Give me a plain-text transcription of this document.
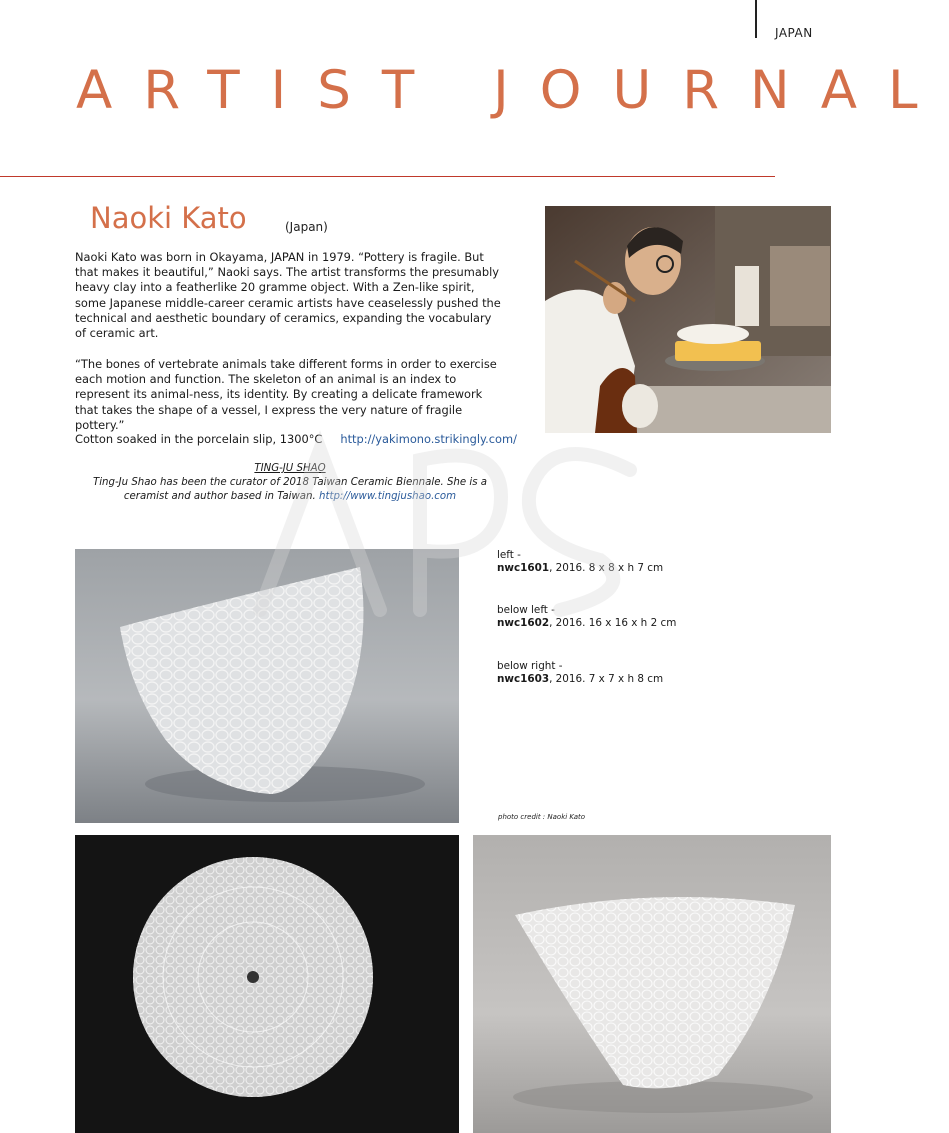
JAPAN
ARTIST JOURNAL
Naoki Kato	(Japan)
Naoki Kato was born in Okayama, JAPAN in 1979. “Pottery is fragile. But that makes it beautiful,” Naoki says. The artist transforms the presumably heavy clay into a featherlike 20 gramme object. With a Zen-like spirit, some Japanese middle-career ceramic artists have ceaselessly pushed the technical and aesthetic boundary of ceramics, expanding the vocabulary of ceramic art.
“The bones of vertebrate animals take different forms in order to exercise each motion and function. The skeleton of an animal is an index to represent its animal-ness, its identity. By creating a delicate framework that takes the shape of a vessel, I express the very nature of fragile pottery.”
Cotton soaked in the porcelain slip, 1300°C http://yakimono.strikingly.com/
TING-JU SHAO
Ting-Ju Shao has been the curator of 2018 Taiwan Ceramic Biennale. She is a ceramist and author based in Taiwan. http://www.tingjushao.com
left -
nwc1601, 2016. 8 x 8 x h 7 cm
below left -
nwc1602, 2016. 16 x 16 x h 2 cm
below right -
nwc1603, 2016. 7 x 7 x h 8 cm
photo credit : Naoki Kato
